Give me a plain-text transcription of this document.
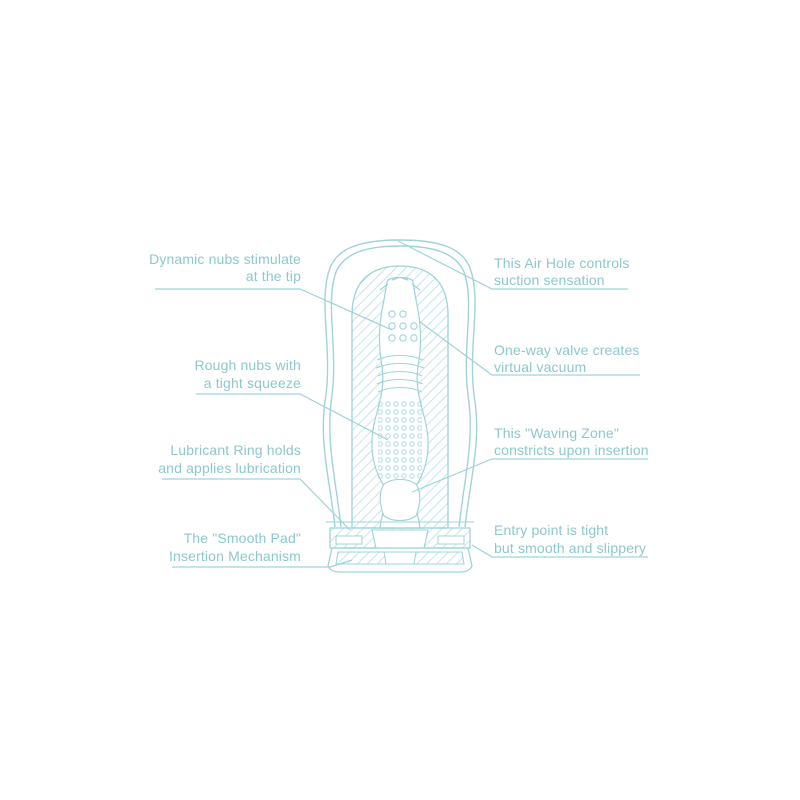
Dynamic nubs stimulate
at the tip
Rough nubs with
a tight squeeze
Lubricant Ring holds
and applies lubrication
The "Smooth Pad"
Insertion Mechanism
This Air Hole controls
suction sensation
One-way valve creates
virtual vacuum
This "Waving Zone"
constricts upon insertion
Entry point is tight
but smooth and slippery
